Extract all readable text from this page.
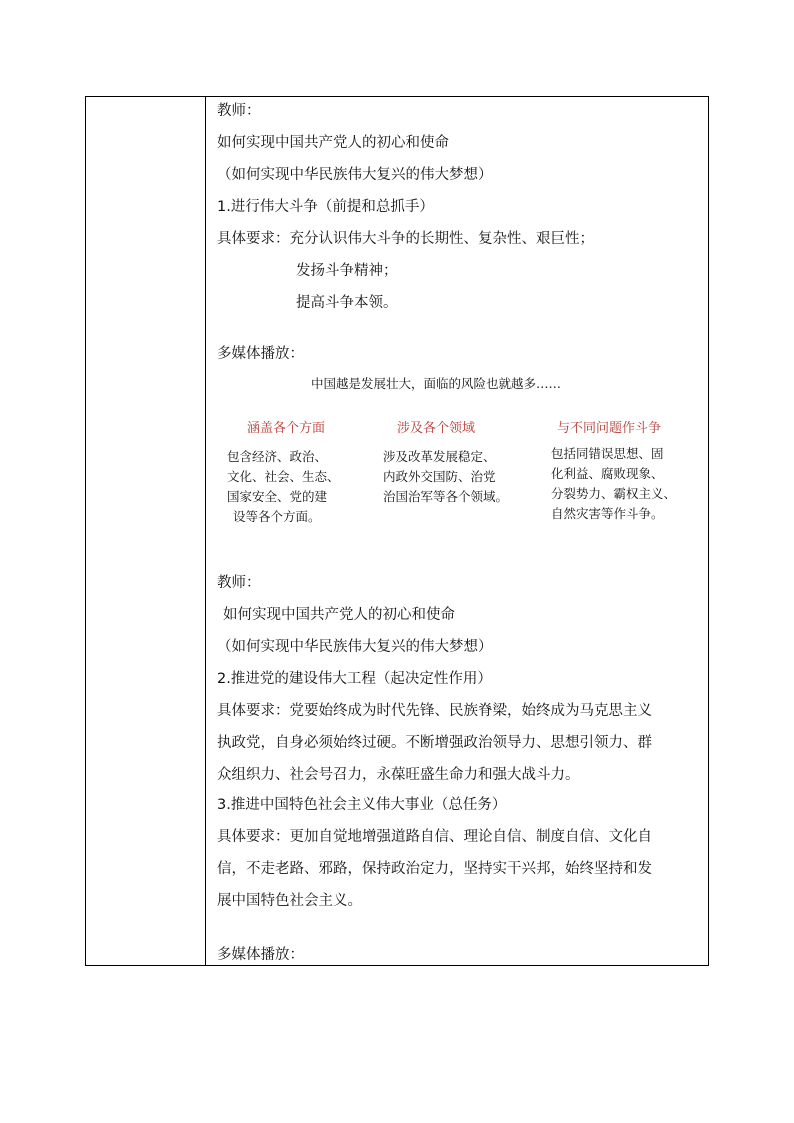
教师：
如何实现中国共产党人的初心和使命
（如何实现中华民族伟大复兴的伟大梦想）
1.进行伟大斗争（前提和总抓手）
具体要求：充分认识伟大斗争的长期性、复杂性、艰巨性；
发扬斗争精神；
提高斗争本领。
多媒体播放：
中国越是发展壮大，面临的风险也就越多……
涵盖各个方面	涉及各个领域	与不同问题作斗争
包含经济、政治、
文化、社会、生态、
国家安全、党的建
设等各个方面。
涉及改革发展稳定、
内政外交国防、治党
治国治军等各个领域。
包括同错误思想、固
化利益、腐败现象、
分裂势力、霸权主义、
自然灾害等作斗争。
教师：
如何实现中国共产党人的初心和使命
（如何实现中华民族伟大复兴的伟大梦想）
2.推进党的建设伟大工程（起决定性作用）
具体要求：党要始终成为时代先锋、民族脊梁，始终成为马克思主义
执政党，自身必须始终过硬。不断增强政治领导力、思想引领力、群
众组织力、社会号召力，永葆旺盛生命力和强大战斗力。
3.推进中国特色社会主义伟大事业（总任务）
具体要求：更加自觉地增强道路自信、理论自信、制度自信、文化自
信，不走老路、邪路，保持政治定力，坚持实干兴邦，始终坚持和发
展中国特色社会主义。
多媒体播放：
